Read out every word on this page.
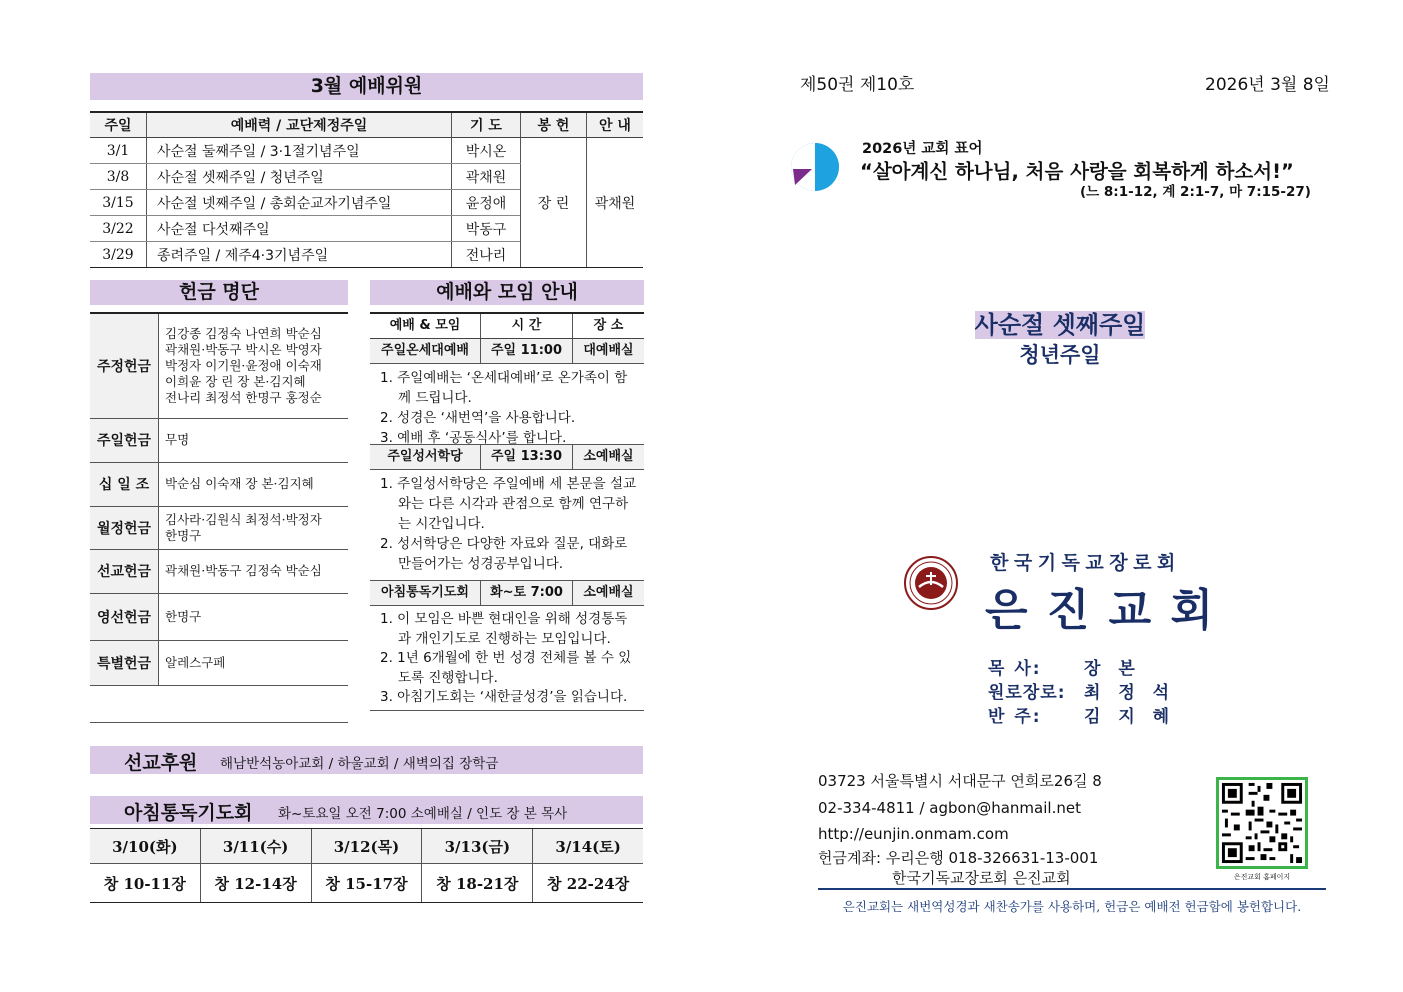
3월 예배위원
주일	예배력 / 교단제정주일	기 도	봉 헌	안 내
3/1	사순절 둘째주일 / 3·1절기념주일	박시온	장 린	곽채원
3/8	사순절 셋째주일 / 청년주일	곽채원		
3/15	사순절 넷째주일 / 총회순교자기념주일	윤정애		
3/22	사순절 다섯째주일	박동구		
3/29	종려주일 / 제주4·3기념주일	전나리		
헌금 명단
주정헌금	김강종 김정숙 나연희 박순심
곽채원·박동구 박시온 박영자
박정자 이기원·윤정애 이숙재
이희윤 장 린 장 본·김지혜
전나리 최정석 한명구 홍정순

주일헌금	무명

십 일 조	박순심 이숙재 장 본·김지혜

월정헌금	김사라·김원식 최정석·박정자
한명구

선교헌금	곽채원·박동구 김정숙 박순심

영선헌금	한명구

특별헌금	알레스구페
예배와 모임 안내
예배 & 모임	시 간	장 소
주일온세대예배	주일 11:00	대예배실
1. 주일예배는 ‘온세대예배’로 온가족이 함께 드립니다.
2. 성경은 ‘새번역’을 사용합니다.
3. 예배 후 ‘공동식사’를 합니다.
주일성서학당	주일 13:30	소예배실
1. 주일성서학당은 주일예배 세 본문을 설교와는 다른 시각과 관점으로 함께 연구하는 시간입니다.
2. 성서학당은 다양한 자료와 질문, 대화로 만들어가는 성경공부입니다.
아침통독기도회	화~토 7:00	소예배실
1. 이 모임은 바쁜 현대인을 위해 성경통독과 개인기도로 진행하는 모임입니다.
2. 1년 6개월에 한 번 성경 전체를 볼 수 있도록 진행합니다.
3. 아침기도회는 ‘새한글성경’을 읽습니다.
선교후원 해남반석농아교회 / 하울교회 / 새벽의집 장학금
아침통독기도회 화~토요일 오전 7:00 소예배실 / 인도 장 본 목사
3/10(화)	3/11(수)	3/12(목)	3/13(금)	3/14(토)
창 10-11장	창 12-14장	창 15-17장	창 18-21장	창 22-24장
제50권 제10호	2026년 3월 8일
2026년 교회 표어
“살아계신 하나님, 처음 사랑을 회복하게 하소서!”
(느 8:1-12, 계 2:1-7, 마 7:15-27)
사순절 셋째주일
청년주일
한국기독교장로회
은 진 교 회
목 사: 장 본
원로장로: 최 정 석
반 주: 김 지 혜
03723 서울특별시 서대문구 연희로26길 8
02-334-4811 / agbon@hanmail.net
http://eunjin.onmam.com
헌금계좌: 우리은행 018-326631-13-001
한국기독교장로회 은진교회	은진교회 홈페이지
은진교회는 새번역성경과 새찬송가를 사용하며, 헌금은 예배전 헌금함에 봉헌합니다.
